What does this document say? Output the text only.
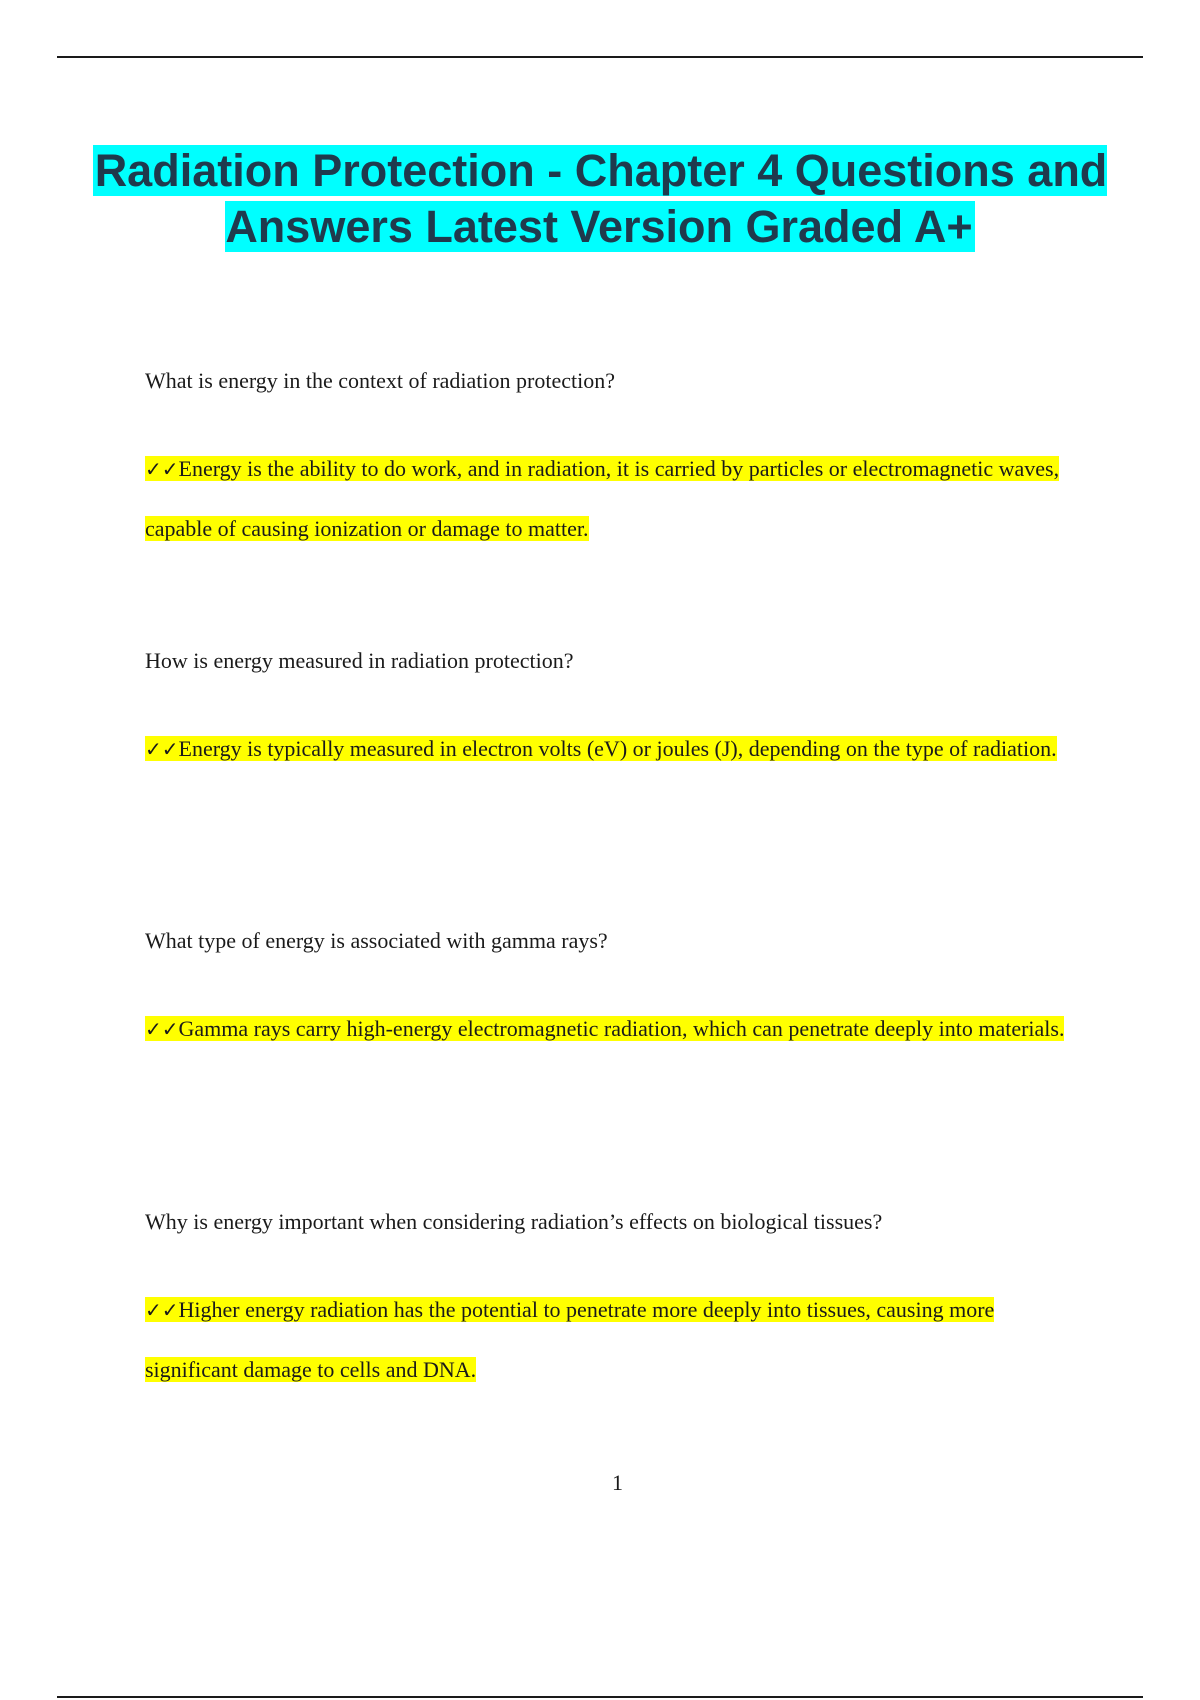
Radiation Protection - Chapter 4 Questions and Answers Latest Version Graded A+

What is energy in the context of radiation protection?

✓✓Energy is the ability to do work, and in radiation, it is carried by particles or electromagnetic waves, capable of causing ionization or damage to matter.

How is energy measured in radiation protection?

✓✓Energy is typically measured in electron volts (eV) or joules (J), depending on the type of radiation.

What type of energy is associated with gamma rays?

✓✓Gamma rays carry high-energy electromagnetic radiation, which can penetrate deeply into materials.

Why is energy important when considering radiation’s effects on biological tissues?

✓✓Higher energy radiation has the potential to penetrate more deeply into tissues, causing more significant damage to cells and DNA.

1
